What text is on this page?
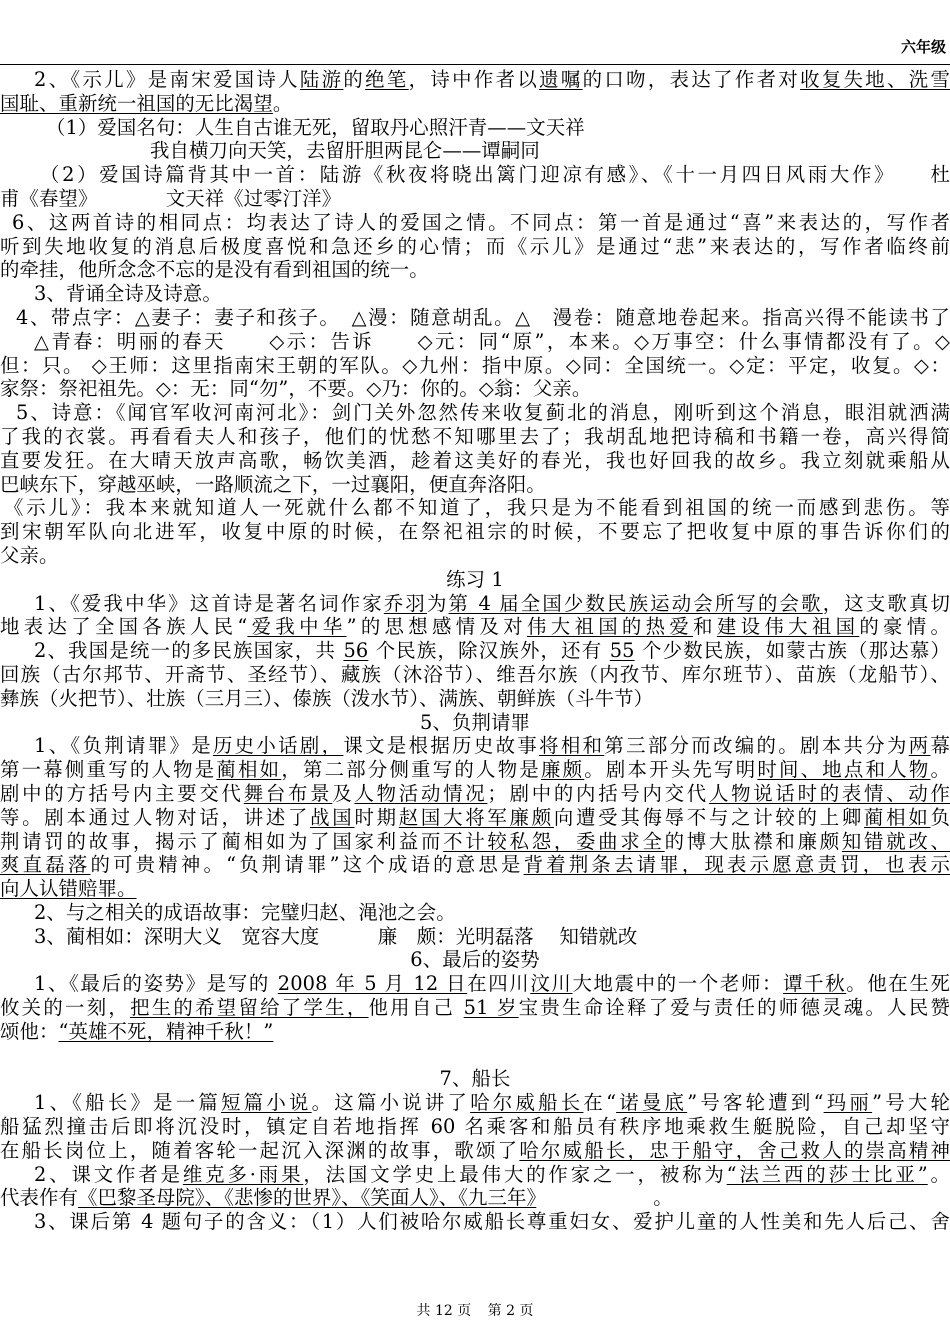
六年级
2、《示儿》是南宋爱国诗人陆游的绝笔，诗中作者以遗嘱的口吻，表达了作者对收复失地、洗雪
国耻、重新统一祖国的无比渴望。
（1）爱国名句：人生自古谁无死，留取丹心照汗青——文天祥
我自横刀向天笑，去留肝胆两昆仑——谭嗣同
（2）爱国诗篇背其中一首：陆游《秋夜将晓出篱门迎凉有感》、《十一月四日风雨大作》　　杜
甫《春望》　　　　文天祥《过零汀洋》
6、这两首诗的相同点：均表达了诗人的爱国之情。不同点：第一首是通过“喜”来表达的，写作者
听到失地收复的消息后极度喜悦和急还乡的心情；而《示儿》是通过“悲”来表达的，写作者临终前
的牵挂，他所念念不忘的是没有看到祖国的统一。
3、背诵全诗及诗意。
4、带点字：△妻子：妻子和孩子。　△漫：随意胡乱。△　漫卷：随意地卷起来。指高兴得不能读书了
△青春：明丽的春天　　◇示：告诉　　◇元：同“原”，本来。◇万事空：什么事情都没有了。◇
但：只。 ◇王师：这里指南宋王朝的军队。◇九州：指中原。◇同：全国统一。◇定：平定，收复。◇：
家祭：祭祀祖先。◇：无：同“勿”，不要。◇乃：你的。◇翁：父亲。
5、诗意：《闻官军收河南河北》：剑门关外忽然传来收复蓟北的消息，刚听到这个消息，眼泪就洒满
了我的衣裳。再看看夫人和孩子，他们的忧愁不知哪里去了；我胡乱地把诗稿和书籍一卷，高兴得简
直要发狂。在大晴天放声高歌，畅饮美酒，趁着这美好的春光，我也好回我的故乡。我立刻就乘船从
巴峡东下，穿越巫峡，一路顺流之下，一过襄阳，便直奔洛阳。
《示儿》：我本来就知道人一死就什么都不知道了，我只是为不能看到祖国的统一而感到悲伤。等
到宋朝军队向北进军，收复中原的时候，在祭祀祖宗的时候，不要忘了把收复中原的事告诉你们的
父亲。
练习 1
1、《爱我中华》这首诗是著名词作家乔羽为第 4 届全国少数民族运动会所写的会歌，这支歌真切
地表达了全国各族人民“爱我中华”的思想感情及对伟大祖国的热爱和建设伟大祖国的豪情。
2、我国是统一的多民族国家，共 56 个民族，除汉族外，还有 55 个少数民族，如蒙古族（那达慕）
回族（古尔邦节、开斋节、圣经节）、藏族（沐浴节）、维吾尔族（内孜节、库尔班节）、苗族（龙船节）、
彝族（火把节）、壮族（三月三）、傣族（泼水节）、满族、朝鲜族（斗牛节）
5、负荆请罪
1、《负荆请罪》是历史小话剧，课文是根据历史故事将相和第三部分而改编的。剧本共分为两幕
第一幕侧重写的人物是蔺相如，第二部分侧重写的人物是廉颇。剧本开头先写明时间、地点和人物。
剧中的方括号内主要交代舞台布景及人物活动情况；剧中的内括号内交代人物说话时的表情、动作
等。剧本通过人物对话，讲述了战国时期赵国大将军廉颇向遭受其侮辱不与之计较的上卿蔺相如负
荆请罚的故事，揭示了蔺相如为了国家利益而不计较私怨，委曲求全的博大肽襟和廉颇知错就改、
爽直磊落的可贵精神。“负荆请罪”这个成语的意思是背着荆条去请罪，现表示愿意责罚，也表示
向人认错赔罪。
2、与之相关的成语故事：完璧归赵、渑池之会。
3、蔺相如：深明大义　宽容大度　　　廉　颇：光明磊落　 知错就改
6、最后的姿势
1、《最后的姿势》是写的 2008 年 5 月 12 日在四川汶川大地震中的一个老师：谭千秋。他在生死
攸关的一刻，把生的希望留给了学生，他用自己 51 岁宝贵生命诠释了爱与责任的师德灵魂。人民赞
颂他：“英雄不死，精神千秋！”
7、船长
1、《船长》是一篇短篇小说。这篇小说讲了哈尔威船长在“诺曼底”号客轮遭到“玛丽”号大轮
船猛烈撞击后即将沉没时，镇定自若地指挥 60 名乘客和船员有秩序地乘救生艇脱险，自己却坚守
在船长岗位上，随着客轮一起沉入深渊的故事，歌颂了哈尔威船长，忠于船守，舍己救人的崇高精神
2、课文作者是维克多·雨果，法国文学史上最伟大的作家之一，被称为“法兰西的莎士比亚”。
代表作有《巴黎圣母院》、《悲惨的世界》、《笑面人》、《九三年》　　　　　　。
3、课后第 4 题句子的含义：（1）人们被哈尔威船长尊重妇女、爱护儿童的人性美和先人后己、舍
共 12 页 第 2 页
